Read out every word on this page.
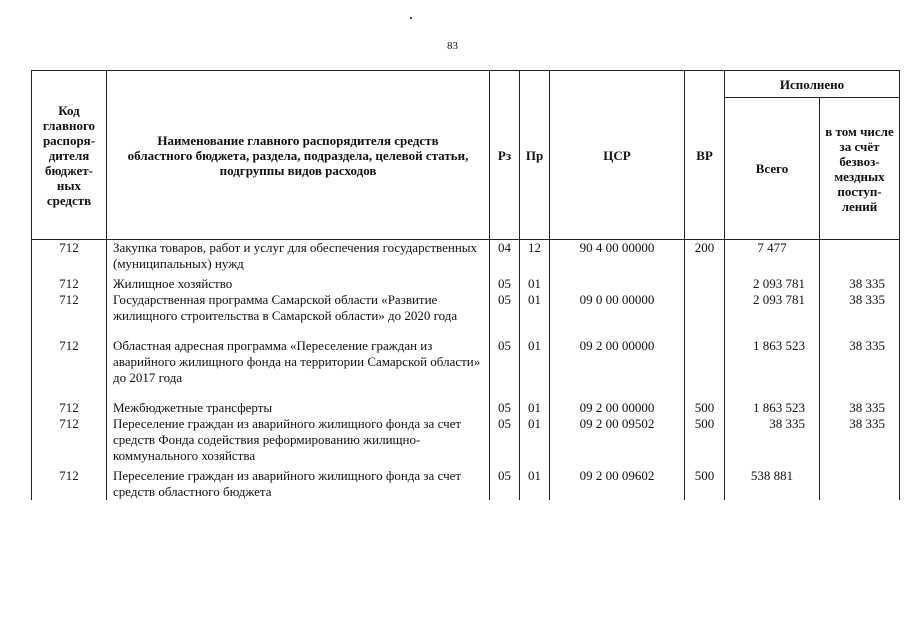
83
Код главного распоря-дителя бюджет-ных средств	Наименование главного распорядителя средств областного бюджета, раздела, подраздела, целевой статьи, подгруппы видов расходов	Рз	Пр	ЦСР	ВР	Исполнено	
						Всего	в том числе за счёт безвоз-мездных поступ-лений
712	Закупка товаров, работ и услуг для обеспечения государственных (муниципальных) нужд	04	12	90 4 00 00000	200	7 477	

712	Жилищное хозяйство	05	01			2 093 781	38 335
712	Государственная программа Самарской области «Развитие жилищного строительства в Самарской области» до 2020 года	05	01	09 0 00 00000		2 093 781	38 335

712	Областная адресная программа «Переселение граждан из аварийного жилищного фонда на территории Самарской области» до 2017 года	05	01	09 2 00 00000		1 863 523	38 335

712	Межбюджетные трансферты	05	01	09 2 00 00000	500	1 863 523	38 335
712	Переселение граждан из аварийного жилищного фонда за счет средств Фонда содействия реформированию жилищно-коммунального хозяйства	05	01	09 2 00 09502	500	38 335	38 335

712	Переселение граждан из аварийного жилищного фонда за счет средств областного бюджета	05	01	09 2 00 09602	500	538 881	
